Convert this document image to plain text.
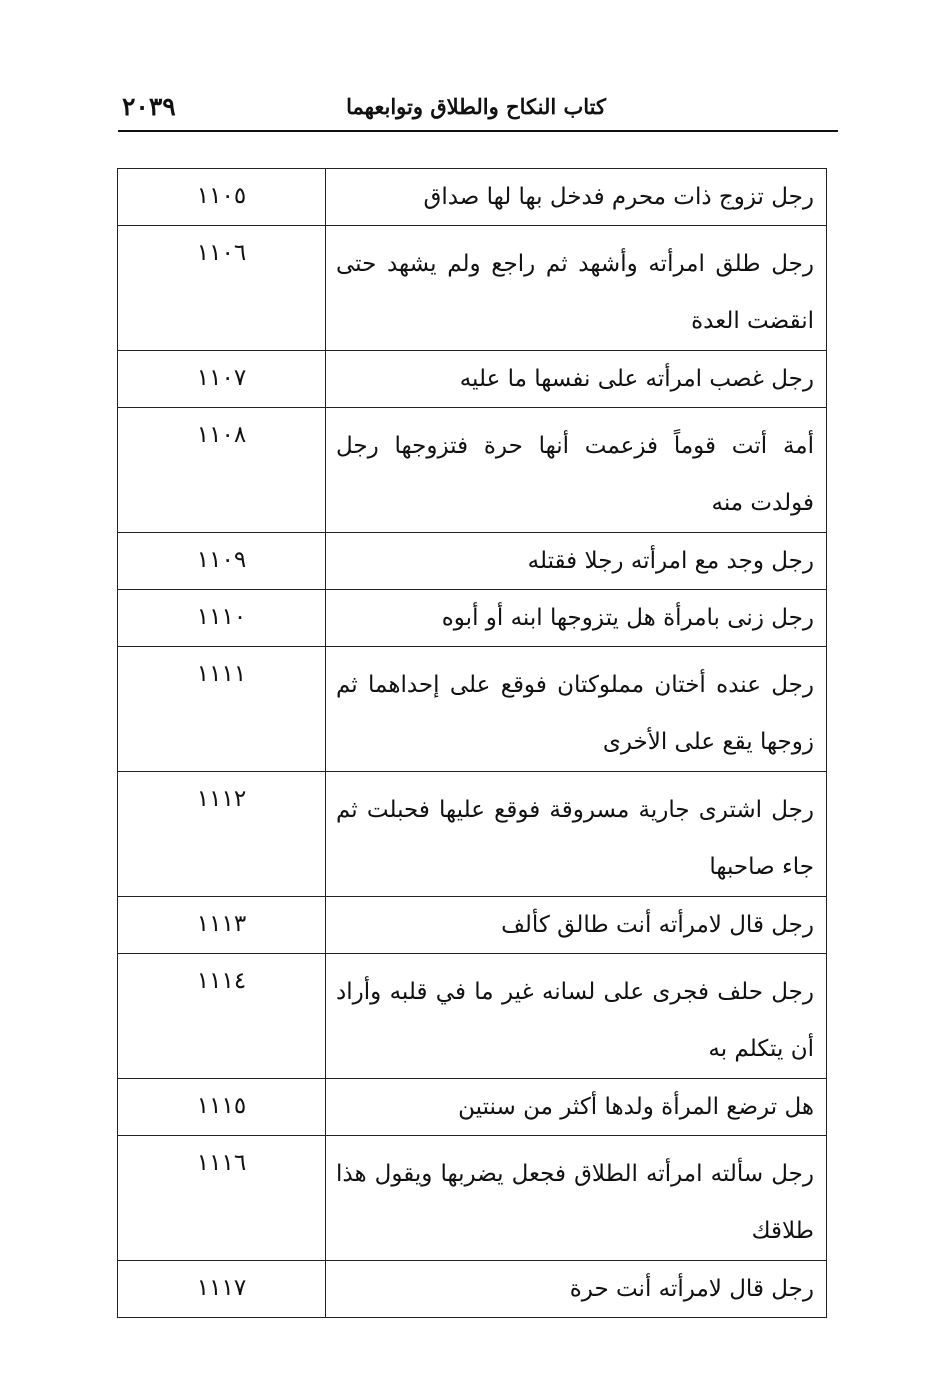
كتاب النكاح والطلاق وتوابعهما
٢٠٣٩
رجل تزوج ذات محرم فدخل بها لها صداق	١١٠٥
رجل طلق امرأته وأشهد ثم راجع ولم يشهد حتى انقضت العدة	١١٠٦
رجل غصب امرأته على نفسها ما عليه	١١٠٧
أمة أتت قوماً فزعمت أنها حرة فتزوجها رجل فولدت منه	١١٠٨
رجل وجد مع امرأته رجلا فقتله	١١٠٩
رجل زنى بامرأة هل يتزوجها ابنه أو أبوه	١١١٠
رجل عنده أختان مملوكتان فوقع على إحداهما ثم زوجها يقع على الأخرى	١١١١
رجل اشترى جارية مسروقة فوقع عليها فحبلت ثم جاء صاحبها	١١١٢
رجل قال لامرأته أنت طالق كألف	١١١٣
رجل حلف فجرى على لسانه غير ما في قلبه وأراد أن يتكلم به	١١١٤
هل ترضع المرأة ولدها أكثر من سنتين	١١١٥
رجل سألته امرأته الطلاق فجعل يضربها ويقول هذا طلاقك	١١١٦
رجل قال لامرأته أنت حرة	١١١٧
